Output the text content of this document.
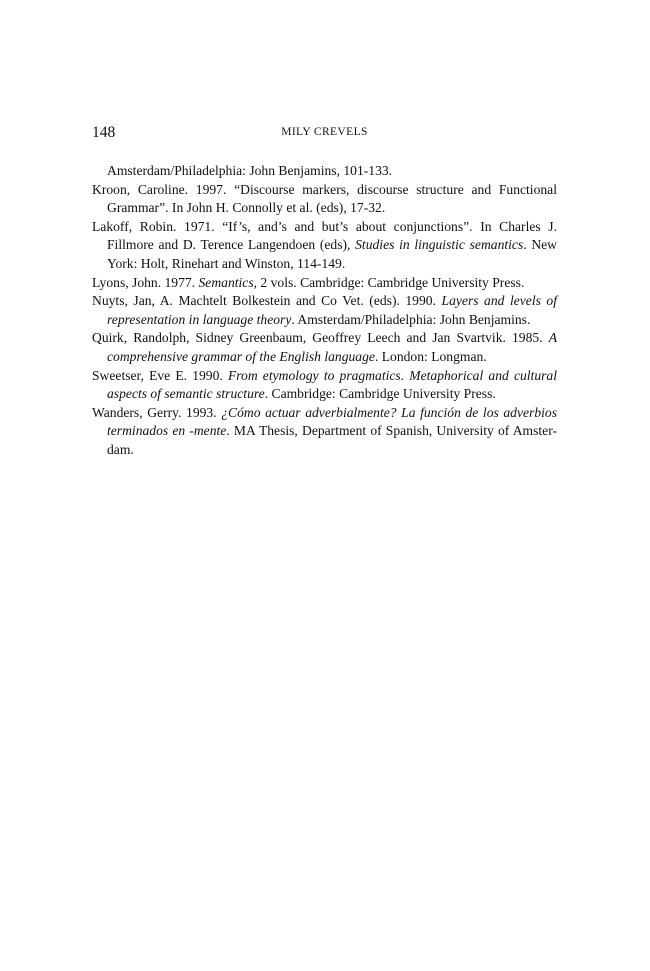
148	MILY CREVELS
Amsterdam/Philadelphia: John Benjamins, 101-133.
Kroon, Caroline. 1997. “Discourse markers, discourse structure and Functional Grammar”. In John H. Connolly et al. (eds), 17-32.
Lakoff, Robin. 1971. “If’s, and’s and but’s about conjunctions”. In Charles J. Fillmore and D. Terence Langendoen (eds), Studies in linguistic semantics. New York: Holt, Rinehart and Winston, 114-149.
Lyons, John. 1977. Semantics, 2 vols. Cambridge: Cambridge University Press.
Nuyts, Jan, A. Machtelt Bolkestein and Co Vet. (eds). 1990. Layers and levels of representation in language theory. Amsterdam/Philadelphia: John Benjamins.
Quirk, Randolph, Sidney Greenbaum, Geoffrey Leech and Jan Svartvik. 1985. A comprehensive grammar of the English language. London: Longman.
Sweetser, Eve E. 1990. From etymology to pragmatics. Metaphorical and cultural aspects of semantic structure. Cambridge: Cambridge University Press.
Wanders, Gerry. 1993. ¿Cómo actuar adverbialmente? La función de los adverbios terminados en -mente. MA Thesis, Department of Spanish, University of Amster-dam.
